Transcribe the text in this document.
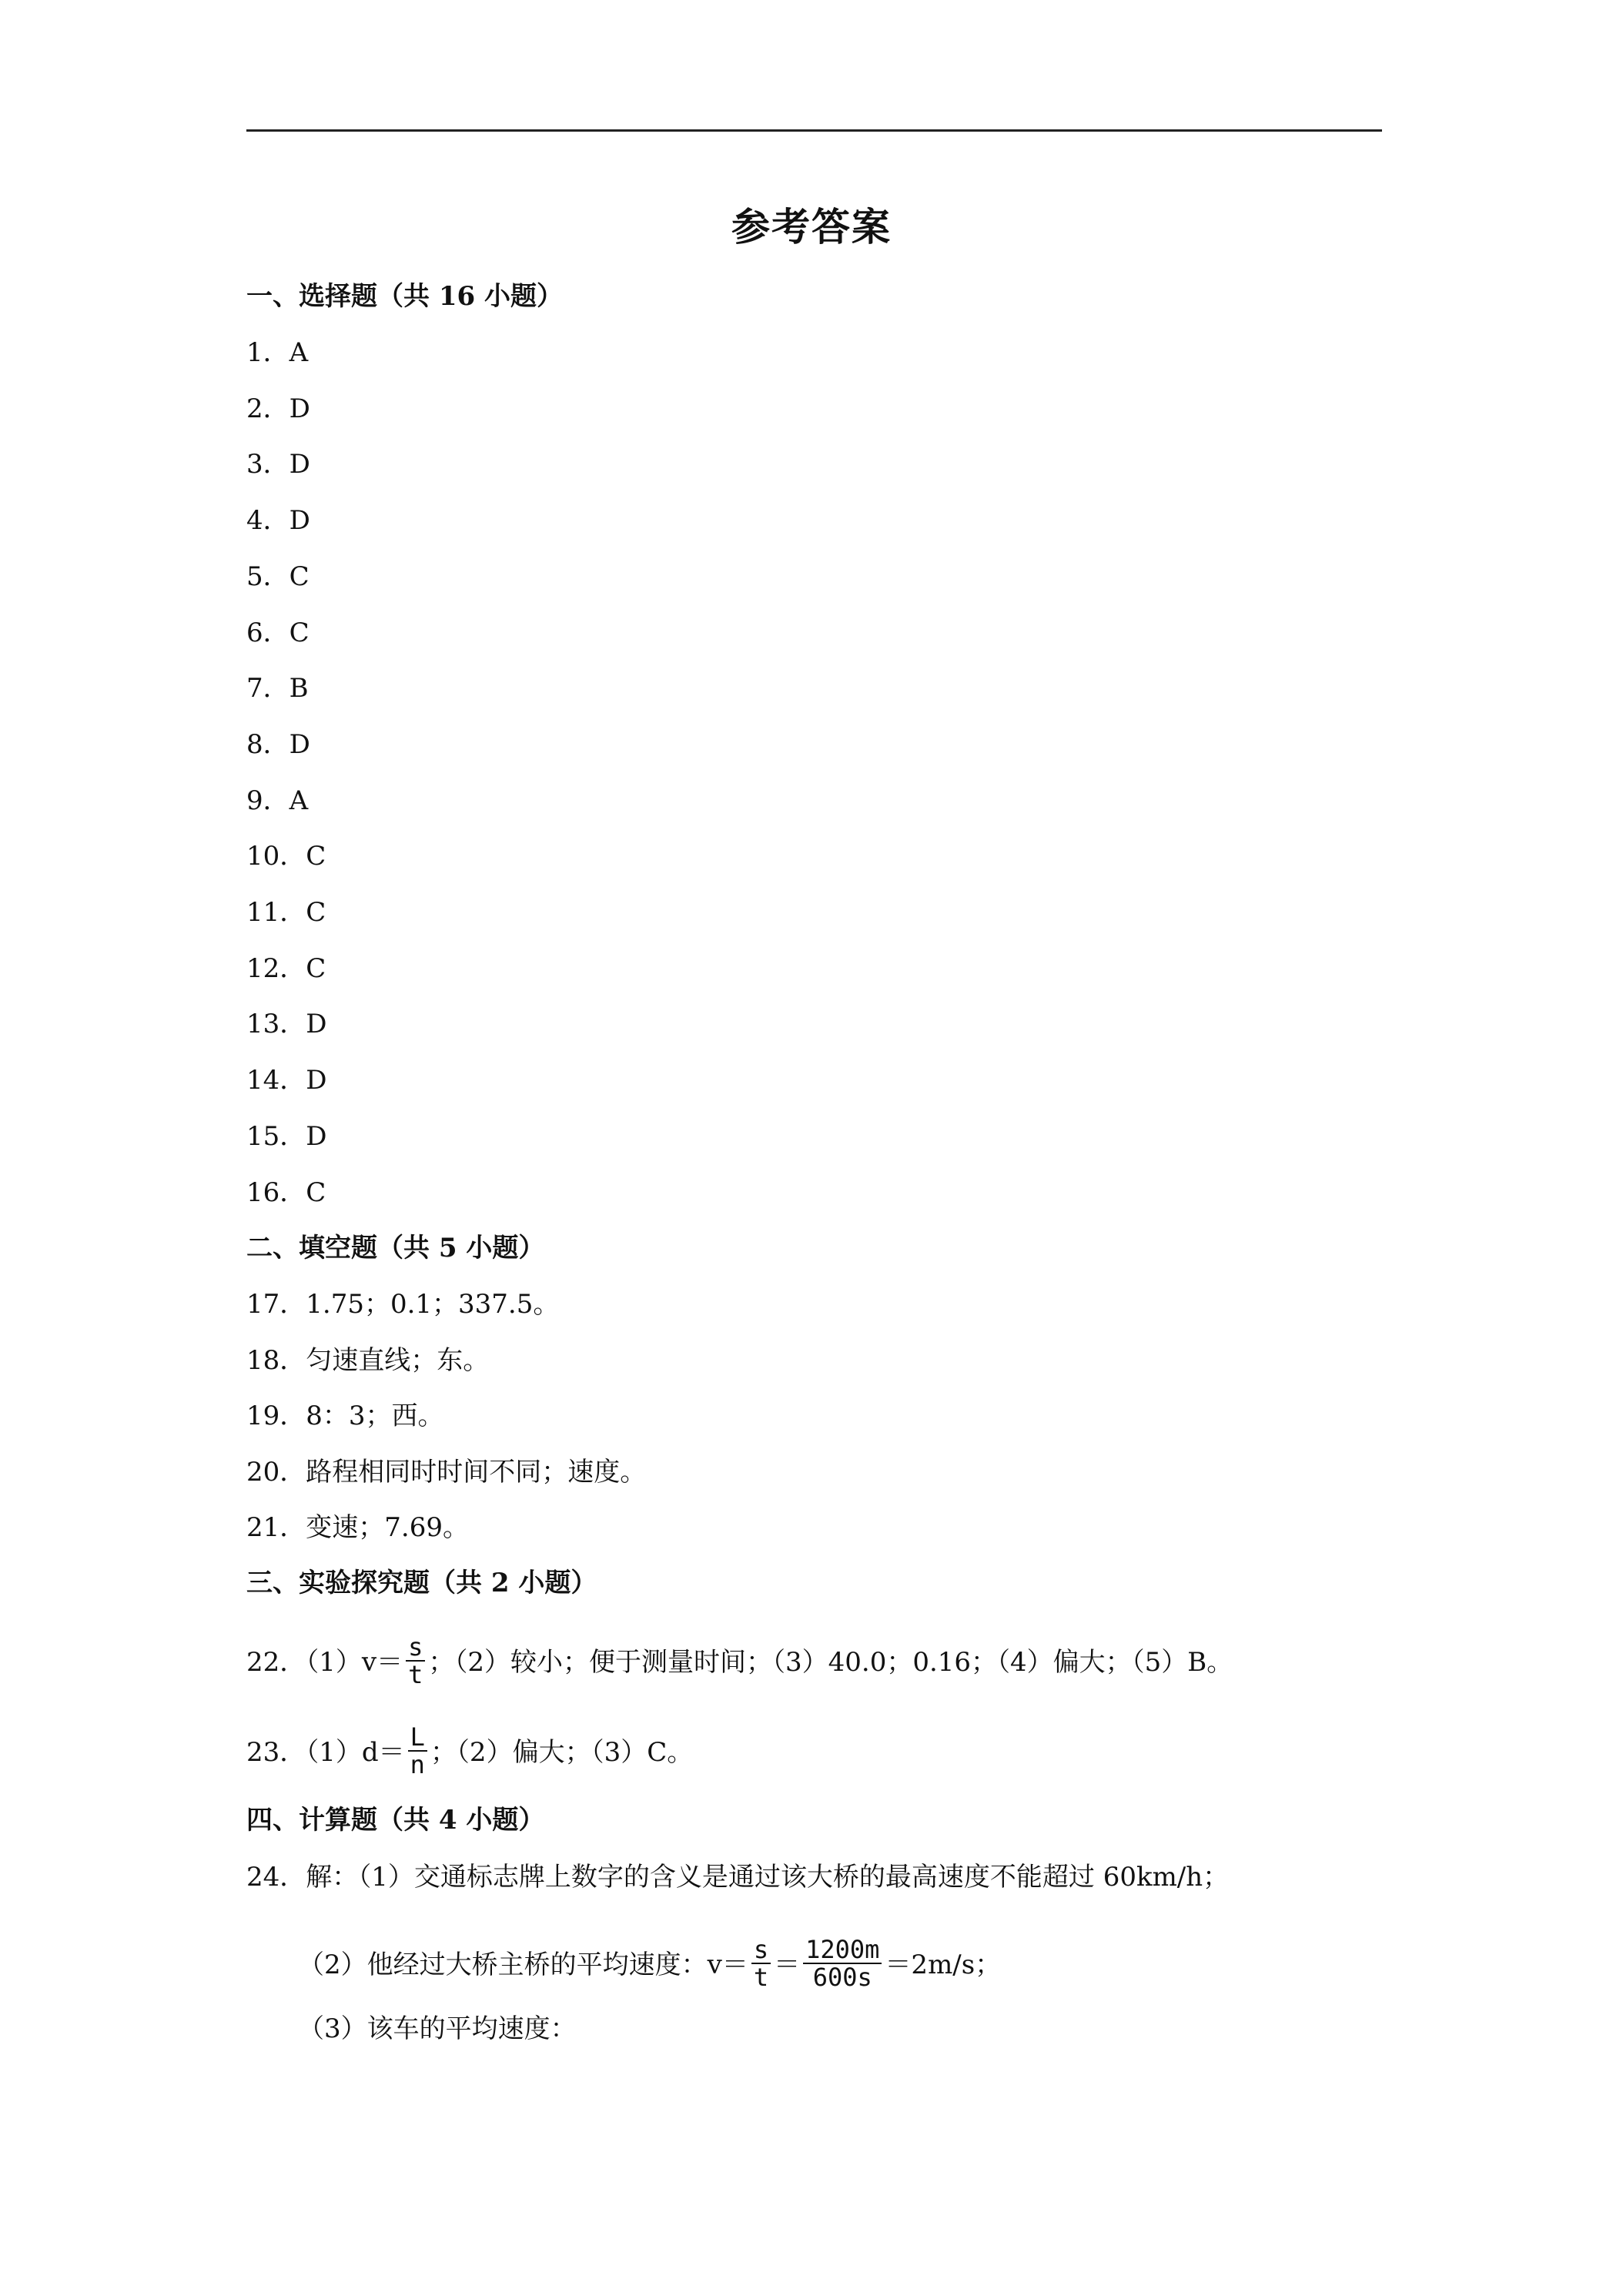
参考答案
一、选择题（共 16 小题）
1．A
2．D
3．D
4．D
5．C
6．C
7．B
8．D
9．A
10．C
11．C
12．C
13．D
14．D
15．D
16．C
二、填空题（共 5 小题）
17．1.75；0.1；337.5。
18．匀速直线；东。
19．8：3；西。
20．路程相同时时间不同；速度。
21．变速；7.69。
三、实验探究题（共 2 小题）
22．$(1)v= \frac{s}{t}$ ；（2）较小；便于测量时间；（3）40.0；0.16；（4）偏大；（5）B。
23．$(1)d= \frac{L}{n}$ ；（2）偏大；（3）C。
四、计算题（共 4 小题）
24．解：（1）交通标志牌上数字的含义是通过该大桥的最高速度不能超过 60km/h；
（2）他经过大桥主桥的平均速度：$v= \frac{s}{t} = \frac{1200m}{600s} =2m/s$；
（3）该车的平均速度：
